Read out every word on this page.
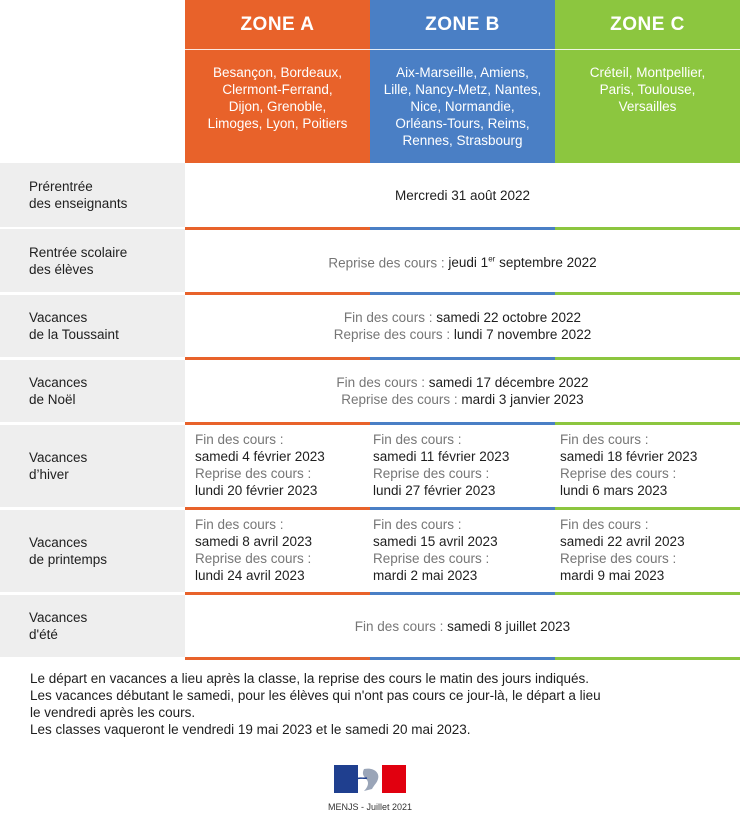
ZONE A
Besançon, Bordeaux,
Clermont-Ferrand,
Dijon, Grenoble,
Limoges, Lyon, Poitiers
ZONE B
Aix-Marseille, Amiens,
Lille, Nancy-Metz, Nantes,
Nice, Normandie,
Orléans-Tours, Reims,
Rennes, Strasbourg
ZONE C
Créteil, Montpellier,
Paris, Toulouse,
Versailles
Prérentrée
des enseignants
Mercredi 31 août 2022
Rentrée scolaire
des élèves	Reprise des cours : jeudi 1er septembre 2022
Vacances
de la Toussaint
Fin des cours : samedi 22 octobre 2022
Reprise des cours : lundi 7 novembre 2022
Vacances
de Noël
Fin des cours : samedi 17 décembre 2022
Reprise des cours : mardi 3 janvier 2023
Vacances
d’hiver
Fin des cours :
samedi 4 février 2023
Reprise des cours :
lundi 20 février 2023
Fin des cours :
samedi 11 février 2023
Reprise des cours :
lundi 27 février 2023
Fin des cours :
samedi 18 février 2023
Reprise des cours :
lundi 6 mars 2023
Vacances
de printemps
Fin des cours :
samedi 8 avril 2023
Reprise des cours :
lundi 24 avril 2023
Fin des cours :
samedi 15 avril 2023
Reprise des cours :
mardi 2 mai 2023
Fin des cours :
samedi 22 avril 2023
Reprise des cours :
mardi 9 mai 2023
Vacances
d'été
Fin des cours : samedi 8 juillet 2023
Le départ en vacances a lieu après la classe, la reprise des cours le matin des jours indiqués.
Les vacances débutant le samedi, pour les élèves qui n'ont pas cours ce jour-là, le départ a lieu
le vendredi après les cours.
Les classes vaqueront le vendredi 19 mai 2023 et le samedi 20 mai 2023.
MENJS - Juillet 2021
